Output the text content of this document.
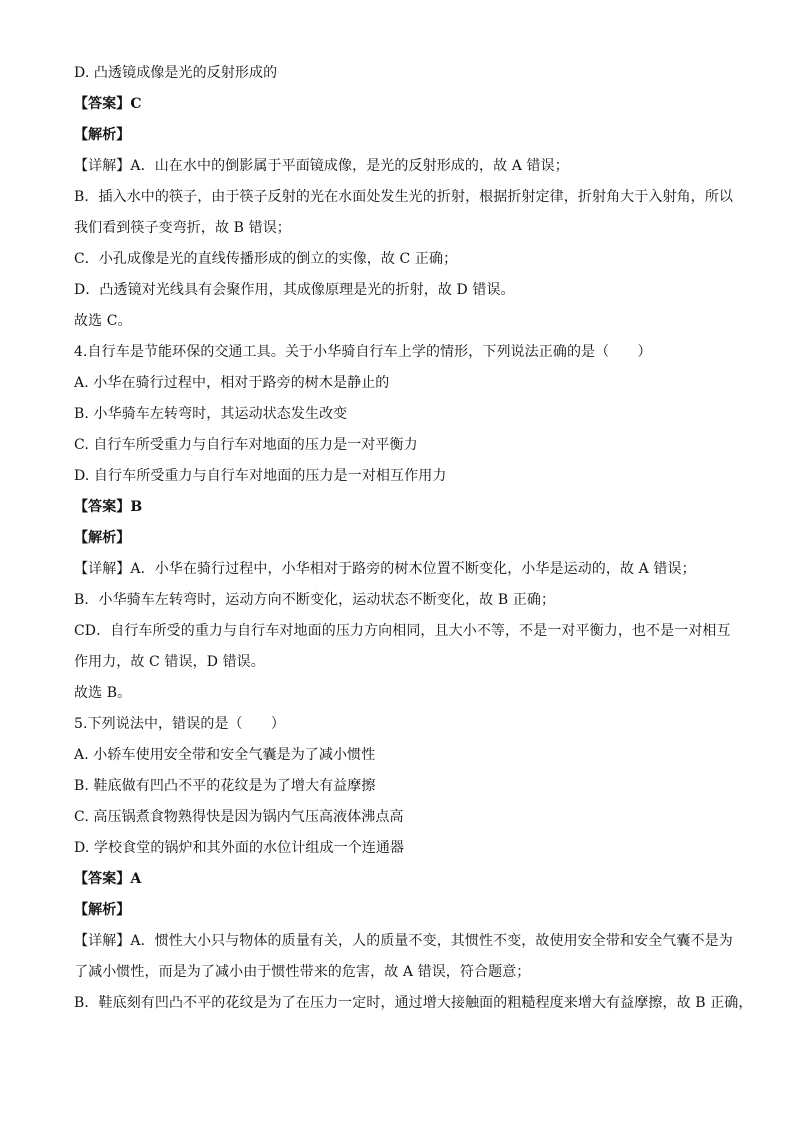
D. 凸透镜成像是光的反射形成的
【答案】C
【解析】
【详解】A．山在水中的倒影属于平面镜成像，是光的反射形成的，故 A 错误；
B．插入水中的筷子，由于筷子反射的光在水面处发生光的折射，根据折射定律，折射角大于入射角，所以
我们看到筷子变弯折，故 B 错误；
C．小孔成像是光的直线传播形成的倒立的实像，故 C 正确；
D．凸透镜对光线具有会聚作用，其成像原理是光的折射，故 D 错误。
故选 C。
4.自行车是节能环保的交通工具。关于小华骑自行车上学的情形，下列说法正确的是（　　）
A. 小华在骑行过程中，相对于路旁的树木是静止的
B. 小华骑车左转弯时，其运动状态发生改变
C. 自行车所受重力与自行车对地面的压力是一对平衡力
D. 自行车所受重力与自行车对地面的压力是一对相互作用力
【答案】B
【解析】
【详解】A．小华在骑行过程中，小华相对于路旁的树木位置不断变化，小华是运动的，故 A 错误；
B．小华骑车左转弯时，运动方向不断变化，运动状态不断变化，故 B 正确；
CD．自行车所受的重力与自行车对地面的压力方向相同，且大小不等，不是一对平衡力，也不是一对相互
作用力，故 C 错误，D 错误。
故选 B。
5.下列说法中，错误的是（　　）
A. 小轿车使用安全带和安全气囊是为了减小惯性
B. 鞋底做有凹凸不平的花纹是为了增大有益摩擦
C. 高压锅煮食物熟得快是因为锅内气压高液体沸点高
D. 学校食堂的锅炉和其外面的水位计组成一个连通器
【答案】A
【解析】
【详解】A．惯性大小只与物体的质量有关，人的质量不变，其惯性不变，故使用安全带和安全气囊不是为
了减小惯性，而是为了减小由于惯性带来的危害，故 A 错误，符合题意；
B．鞋底刻有凹凸不平的花纹是为了在压力一定时，通过增大接触面的粗糙程度来增大有益摩擦，故 B 正确，
